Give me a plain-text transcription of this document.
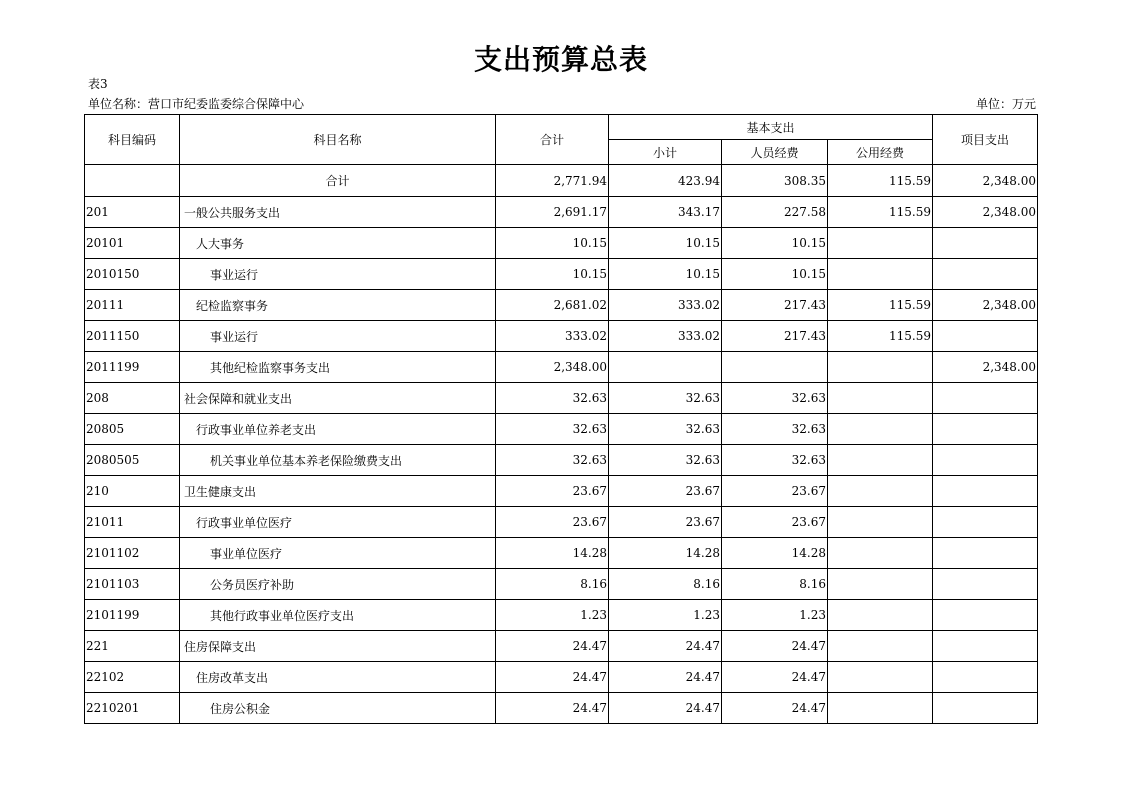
支出预算总表
表3
单位名称：营口市纪委监委综合保障中心	单位：万元
科目编码	科目名称	合计	基本支出			项目支出
			小计	人员经费	公用经费	
	合计	2,771.94	423.94	308.35	115.59	2,348.00
201	一般公共服务支出	2,691.17	343.17	227.58	115.59	2,348.00
20101	人大事务	10.15	10.15	10.15		
2010150	事业运行	10.15	10.15	10.15		
20111	纪检监察事务	2,681.02	333.02	217.43	115.59	2,348.00
2011150	事业运行	333.02	333.02	217.43	115.59	
2011199	其他纪检监察事务支出	2,348.00				2,348.00
208	社会保障和就业支出	32.63	32.63	32.63		
20805	行政事业单位养老支出	32.63	32.63	32.63		
2080505	机关事业单位基本养老保险缴费支出	32.63	32.63	32.63		
210	卫生健康支出	23.67	23.67	23.67		
21011	行政事业单位医疗	23.67	23.67	23.67		
2101102	事业单位医疗	14.28	14.28	14.28		
2101103	公务员医疗补助	8.16	8.16	8.16		
2101199	其他行政事业单位医疗支出	1.23	1.23	1.23		
221	住房保障支出	24.47	24.47	24.47		
22102	住房改革支出	24.47	24.47	24.47		
2210201	住房公积金	24.47	24.47	24.47		
